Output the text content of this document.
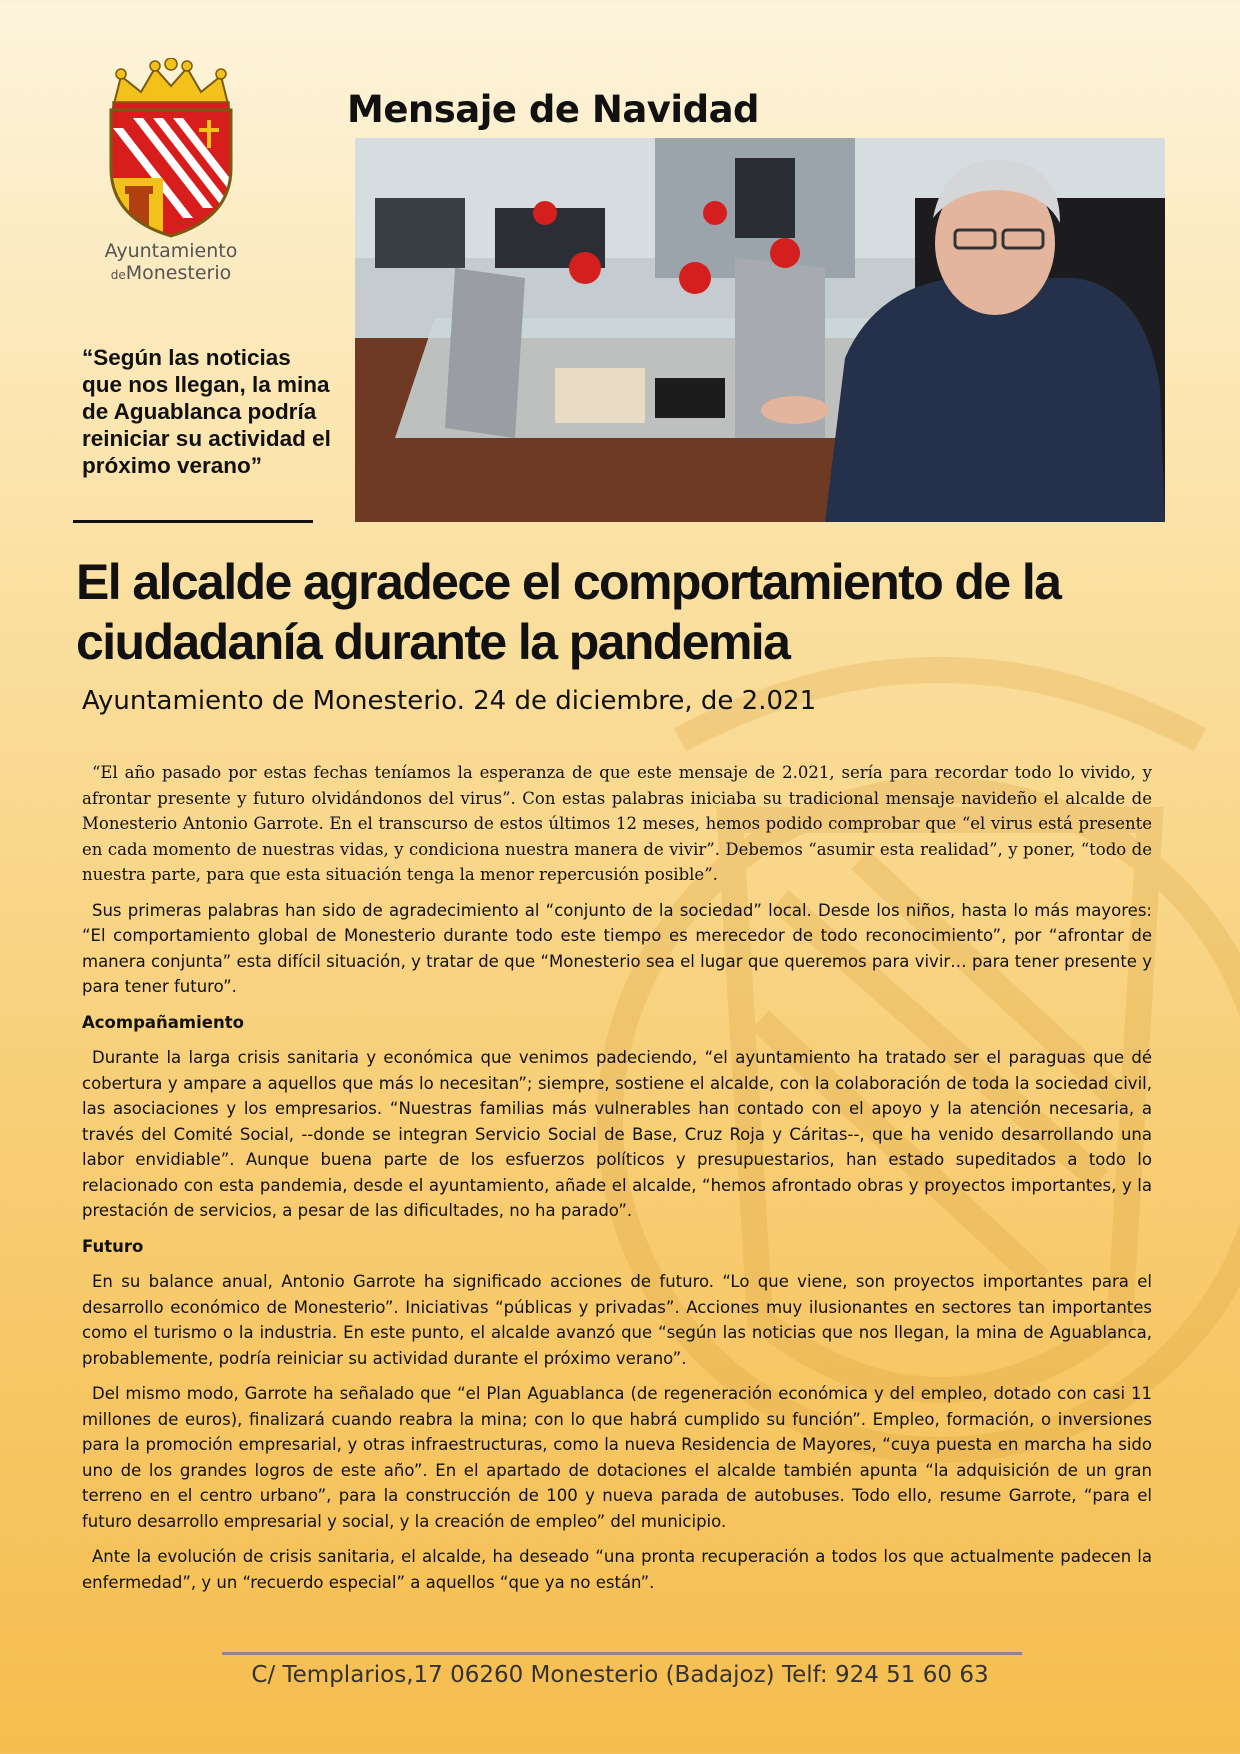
Ayuntamiento
deMonesterio
Mensaje de Navidad

“Según las noticias que nos llegan, la mina de Aguablanca podría reiniciar su actividad el próximo verano”

El alcalde agradece el comportamiento de la ciudadanía durante la pandemia

Ayuntamiento de Monesterio. 24 de diciembre, de 2.021

“El año pasado por estas fechas teníamos la esperanza de que este mensaje de 2.021, sería para recordar todo lo vivido, y afrontar presente y futuro olvidándonos del virus”. Con estas palabras iniciaba su tradicional mensaje navideño el alcalde de Monesterio Antonio Garrote. En el transcurso de estos últimos 12 meses, hemos podido comprobar que “el virus está presente en cada momento de nuestras vidas, y condiciona nuestra manera de vivir”. Debemos “asumir esta realidad”, y poner, “todo de nuestra parte, para que esta situación tenga la menor repercusión posible”.

Sus primeras palabras han sido de agradecimiento al “conjunto de la sociedad” local. Desde los niños, hasta lo más mayores: “El comportamiento global de Monesterio durante todo este tiempo es merecedor de todo reconocimiento”, por “afrontar de manera conjunta” esta difícil situación, y tratar de que “Monesterio sea el lugar que queremos para vivir… para tener presente y para tener futuro”.

Acompañamiento

Durante la larga crisis sanitaria y económica que venimos padeciendo, “el ayuntamiento ha tratado ser el paraguas que dé cobertura y ampare a aquellos que más lo necesitan”; siempre, sostiene el alcalde, con la colaboración de toda la sociedad civil, las asociaciones y los empresarios. “Nuestras familias más vulnerables han contado con el apoyo y la atención necesaria, a través del Comité Social, --donde se integran Servicio Social de Base, Cruz Roja y Cáritas--, que ha venido desarrollando una labor envidiable”. Aunque buena parte de los esfuerzos políticos y presupuestarios, han estado supeditados a todo lo relacionado con esta pandemia, desde el ayuntamiento, añade el alcalde, “hemos afrontado obras y proyectos importantes, y la prestación de servicios, a pesar de las dificultades, no ha parado”.

Futuro

En su balance anual, Antonio Garrote ha significado acciones de futuro. “Lo que viene, son proyectos importantes para el desarrollo económico de Monesterio”. Iniciativas “públicas y privadas”. Acciones muy ilusionantes en sectores tan importantes como el turismo o la industria. En este punto, el alcalde avanzó que “según las noticias que nos llegan, la mina de Aguablanca, probablemente, podría reiniciar su actividad durante el próximo verano”.

Del mismo modo, Garrote ha señalado que “el Plan Aguablanca (de regeneración económica y del empleo, dotado con casi 11 millones de euros), finalizará cuando reabra la mina; con lo que habrá cumplido su función”. Empleo, formación, o inversiones para la promoción empresarial, y otras infraestructuras, como la nueva Residencia de Mayores, “cuya puesta en marcha ha sido uno de los grandes logros de este año”. En el apartado de dotaciones el alcalde también apunta “la adquisición de un gran terreno en el centro urbano”, para la construcción de 100 y nueva parada de autobuses. Todo ello, resume Garrote, “para el futuro desarrollo empresarial y social, y la creación de empleo” del municipio.

Ante la evolución de crisis sanitaria, el alcalde, ha deseado “una pronta recuperación a todos los que actualmente padecen la enfermedad”, y un “recuerdo especial” a aquellos “que ya no están”.

C/ Templarios,17 06260 Monesterio (Badajoz) Telf: 924 51 60 63
